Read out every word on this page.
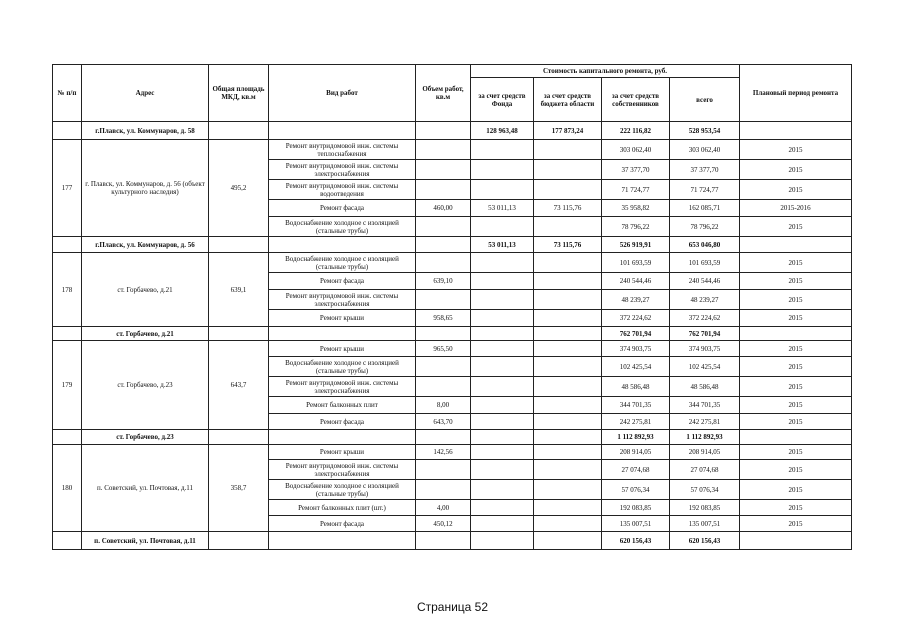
№ п/п	Адрес	Общая площадь МКД, кв.м	Вид работ	Объем работ, кв.м	Стоимость капитального ремонта, руб.				Плановый период ремонта
					за счет средств Фонда	за счет средств бюджета области	за счет средств собственников	всего	
	г.Плавск, ул. Коммунаров, д. 58				128 963,48	177 873,24	222 116,82	528 953,54	
177	г. Плавск, ул. Коммунаров, д. 56 (объект культурного наследия)	495,2	Ремонт внутридомовой инж. системы теплоснабжения				303 062,40	303 062,40	2015
			Ремонт внутридомовой инж. системы электроснабжения				37 377,70	37 377,70	2015
			Ремонт внутридомовой инж. системы водоотведения				71 724,77	71 724,77	2015
			Ремонт фасада	460,00	53 011,13	73 115,76	35 958,82	162 085,71	2015-2016
			Водоснабжение холодное с изоляцией (стальные трубы)				78 796,22	78 796,22	2015
	г.Плавск, ул. Коммунаров, д. 56				53 011,13	73 115,76	526 919,91	653 046,80	
178	ст. Горбачево, д.21	639,1	Водоснабжение холодное с изоляцией (стальные трубы)				101 693,59	101 693,59	2015
			Ремонт фасада	639,10			240 544,46	240 544,46	2015
			Ремонт внутридомовой инж. системы электроснабжения				48 239,27	48 239,27	2015
			Ремонт крыши	958,65			372 224,62	372 224,62	2015
	ст. Горбачево, д.21						762 701,94	762 701,94	
179	ст. Горбачево, д.23	643,7	Ремонт крыши	965,50			374 903,75	374 903,75	2015
			Водоснабжение холодное с изоляцией (стальные трубы)				102 425,54	102 425,54	2015
			Ремонт внутридомовой инж. системы электроснабжения				48 586,48	48 586,48	2015
			Ремонт балконных плит	8,00			344 701,35	344 701,35	2015
			Ремонт фасада	643,70			242 275,81	242 275,81	2015
	ст. Горбачево, д.23						1 112 892,93	1 112 892,93	
180	п. Советский, ул. Почтовая, д.11	358,7	Ремонт крыши	142,56			208 914,05	208 914,05	2015
			Ремонт внутридомовой инж. системы электроснабжения				27 074,68	27 074,68	2015
			Водоснабжение холодное с изоляцией (стальные трубы)				57 076,34	57 076,34	2015
			Ремонт балконных плит (шт.)	4,00			192 083,85	192 083,85	2015
			Ремонт фасада	450,12			135 007,51	135 007,51	2015
	п. Советский, ул. Почтовая, д.11						620 156,43	620 156,43	
Страница 52
